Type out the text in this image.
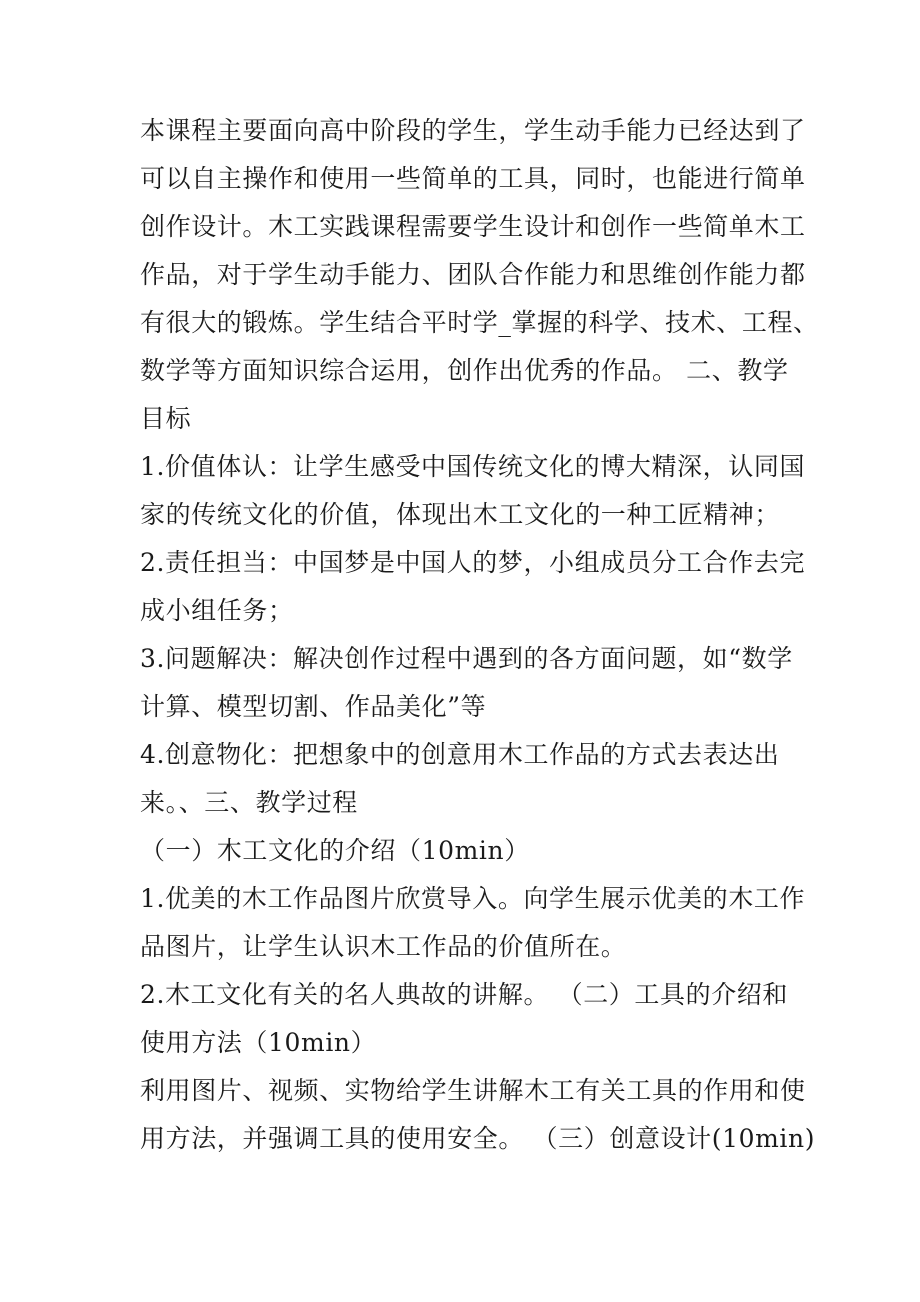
本课程主要面向高中阶段的学生，学生动手能力已经达到了
可以自主操作和使用一些简单的工具，同时，也能进行简单
创作设计。木工实践课程需要学生设计和创作一些简单木工
作品，对于学生动手能力、团队合作能力和思维创作能力都
有很大的锻炼。学生结合平时学_掌握的科学、技术、工程、
数学等方面知识综合运用，创作出优秀的作品。 二、教学
目标
1.价值体认：让学生感受中国传统文化的博大精深，认同国
家的传统文化的价值，体现出木工文化的一种工匠精神；
2.责任担当：中国梦是中国人的梦，小组成员分工合作去完
成小组任务；
3.问题解决：解决创作过程中遇到的各方面问题，如“数学
计算、模型切割、作品美化”等
4.创意物化：把想象中的创意用木工作品的方式去表达出
来。、三、教学过程
（一）木工文化的介绍（10min）
1.优美的木工作品图片欣赏导入。向学生展示优美的木工作
品图片，让学生认识木工作品的价值所在。
2.木工文化有关的名人典故的讲解。 （二）工具的介绍和
使用方法（10min）
利用图片、视频、实物给学生讲解木工有关工具的作用和使
用方法，并强调工具的使用安全。 （三）创意设计(10min)
